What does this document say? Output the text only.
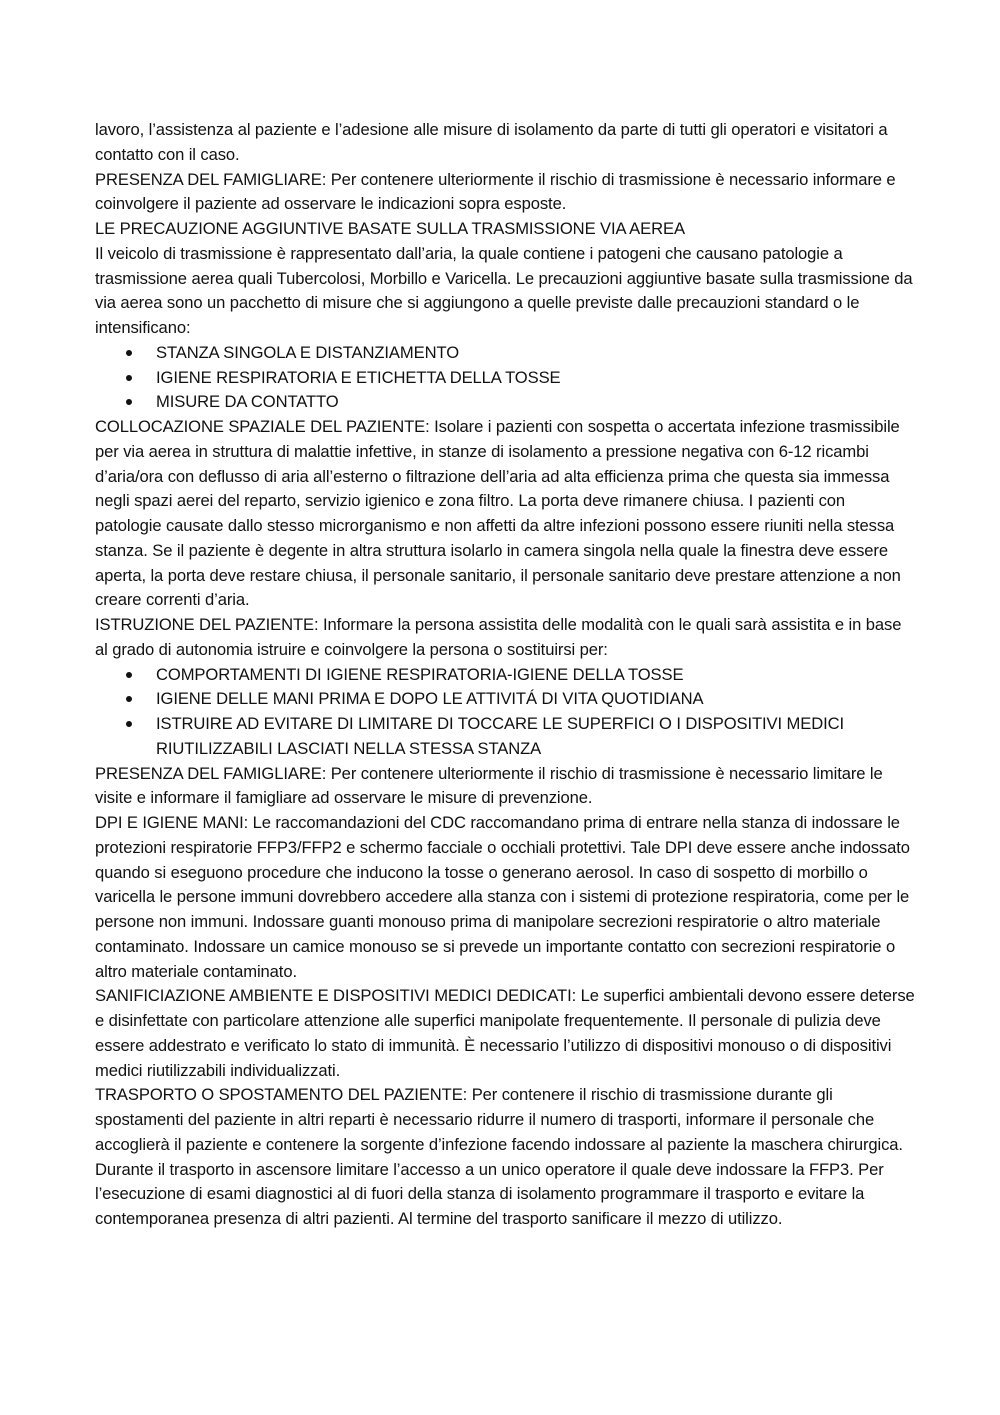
lavoro, l’assistenza al paziente e l’adesione alle misure di isolamento da parte di tutti gli operatori e visitatori a contatto con il caso.

PRESENZA DEL FAMIGLIARE: Per contenere ulteriormente il rischio di trasmissione è necessario informare e coinvolgere il paziente ad osservare le indicazioni sopra esposte.

LE PRECAUZIONE AGGIUNTIVE BASATE SULLA TRASMISSIONE VIA AEREA

Il veicolo di trasmissione è rappresentato dall’aria, la quale contiene i patogeni che causano patologie a trasmissione aerea quali Tubercolosi, Morbillo e Varicella. Le precauzioni aggiuntive basate sulla trasmissione da via aerea sono un pacchetto di misure che si aggiungono a quelle previste dalle precauzioni standard o le intensificano:

STANZA SINGOLA E DISTANZIAMENTO
IGIENE RESPIRATORIA E ETICHETTA DELLA TOSSE
MISURE DA CONTATTO

COLLOCAZIONE SPAZIALE DEL PAZIENTE: Isolare i pazienti con sospetta o accertata infezione trasmissibile per via aerea in struttura di malattie infettive, in stanze di isolamento a pressione negativa con 6-12 ricambi d’aria/ora con deflusso di aria all’esterno o filtrazione dell’aria ad alta efficienza prima che questa sia immessa negli spazi aerei del reparto, servizio igienico e zona filtro. La porta deve rimanere chiusa. I pazienti con patologie causate dallo stesso microrganismo e non affetti da altre infezioni possono essere riuniti nella stessa stanza. Se il paziente è degente in altra struttura isolarlo in camera singola nella quale la finestra deve essere aperta, la porta deve restare chiusa, il personale sanitario, il personale sanitario deve prestare attenzione a non creare correnti d’aria.

ISTRUZIONE DEL PAZIENTE: Informare la persona assistita delle modalità con le quali sarà assistita e in base al grado di autonomia istruire e coinvolgere la persona o sostituirsi per:

COMPORTAMENTI DI IGIENE RESPIRATORIA-IGIENE DELLA TOSSE
IGIENE DELLE MANI PRIMA E DOPO LE ATTIVITÁ DI VITA QUOTIDIANA
ISTRUIRE AD EVITARE DI LIMITARE DI TOCCARE LE SUPERFICI O I DISPOSITIVI MEDICI RIUTILIZZABILI LASCIATI NELLA STESSA STANZA

PRESENZA DEL FAMIGLIARE: Per contenere ulteriormente il rischio di trasmissione è necessario limitare le visite e informare il famigliare ad osservare le misure di prevenzione.

DPI E IGIENE MANI: Le raccomandazioni del CDC raccomandano prima di entrare nella stanza di indossare le protezioni respiratorie FFP3/FFP2 e schermo facciale o occhiali protettivi. Tale DPI deve essere anche indossato quando si eseguono procedure che inducono la tosse o generano aerosol. In caso di sospetto di morbillo o varicella le persone immuni dovrebbero accedere alla stanza con i sistemi di protezione respiratoria, come per le persone non immuni. Indossare guanti monouso prima di manipolare secrezioni respiratorie o altro materiale contaminato. Indossare un camice monouso se si prevede un importante contatto con secrezioni respiratorie o altro materiale contaminato.

SANIFICIAZIONE AMBIENTE E DISPOSITIVI MEDICI DEDICATI: Le superfici ambientali devono essere deterse e disinfettate con particolare attenzione alle superfici manipolate frequentemente. Il personale di pulizia deve essere addestrato e verificato lo stato di immunità. È necessario l’utilizzo di dispositivi monouso o di dispositivi medici riutilizzabili individualizzati.

TRASPORTO O SPOSTAMENTO DEL PAZIENTE: Per contenere il rischio di trasmissione durante gli spostamenti del paziente in altri reparti è necessario ridurre il numero di trasporti, informare il personale che accoglierà il paziente e contenere la sorgente d’infezione facendo indossare al paziente la maschera chirurgica. Durante il trasporto in ascensore limitare l’accesso a un unico operatore il quale deve indossare la FFP3. Per l’esecuzione di esami diagnostici al di fuori della stanza di isolamento programmare il trasporto e evitare la contemporanea presenza di altri pazienti. Al termine del trasporto sanificare il mezzo di utilizzo.
